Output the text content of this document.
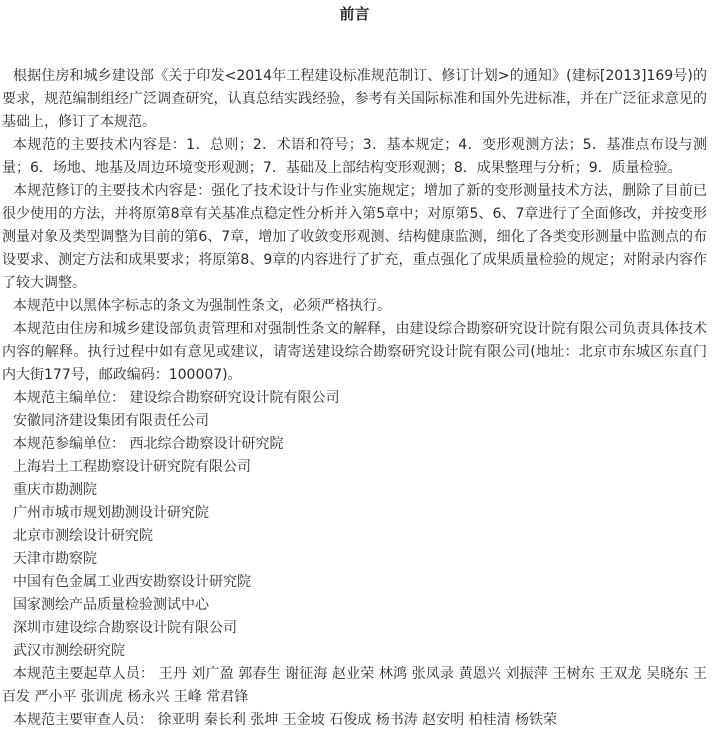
前言

根据住房和城乡建设部《关于印发<2014年工程建设标准规范制订、修订计划>的通知》(建标[2013]169号)的要求，规范编制组经广泛调查研究，认真总结实践经验，参考有关国际标准和国外先进标准，并在广泛征求意见的基础上，修订了本规范。

本规范的主要技术内容是：1．总则；2．术语和符号；3．基本规定；4．变形观测方法；5．基准点布设与测量；6．场地、地基及周边环境变形观测；7．基础及上部结构变形观测；8．成果整理与分析；9．质量检验。

本规范修订的主要技术内容是：强化了技术设计与作业实施规定；增加了新的变形测量技术方法，删除了目前已很少使用的方法，并将原第8章有关基准点稳定性分析并入第5章中；对原第5、6、7章进行了全面修改，并按变形测量对象及类型调整为目前的第6、7章，增加了收敛变形观测、结构健康监测，细化了各类变形测量中监测点的布设要求、测定方法和成果要求；将原第8、9章的内容进行了扩充，重点强化了成果质量检验的规定；对附录内容作了较大调整。

本规范中以黑体字标志的条文为强制性条文，必须严格执行。

本规范由住房和城乡建设部负责管理和对强制性条文的解释，由建设综合勘察研究设计院有限公司负责具体技术内容的解释。执行过程中如有意见或建议，请寄送建设综合勘察研究设计院有限公司(地址：北京市东城区东直门内大街177号，邮政编码：100007)。

本规范主编单位： 建设综合勘察研究设计院有限公司

安徽同济建设集团有限责任公司

本规范参编单位： 西北综合勘察设计研究院

上海岩土工程勘察设计研究院有限公司

重庆市勘测院

广州市城市规划勘测设计研究院

北京市测绘设计研究院

天津市勘察院

中国有色金属工业西安勘察设计研究院

国家测绘产品质量检验测试中心

深圳市建设综合勘察设计院有限公司

武汉市测绘研究院

本规范主要起草人员： 王丹 刘广盈 郭春生 谢征海 赵业荣 林鸿 张凤录 黄恩兴 刘振萍 王树东 王双龙 吴晓东 王百发 严小平 张训虎 杨永兴 王峰 常君锋

本规范主要审查人员： 徐亚明 秦长利 张坤 王金坡 石俊成 杨书涛 赵安明 柏桂清 杨铁荣
